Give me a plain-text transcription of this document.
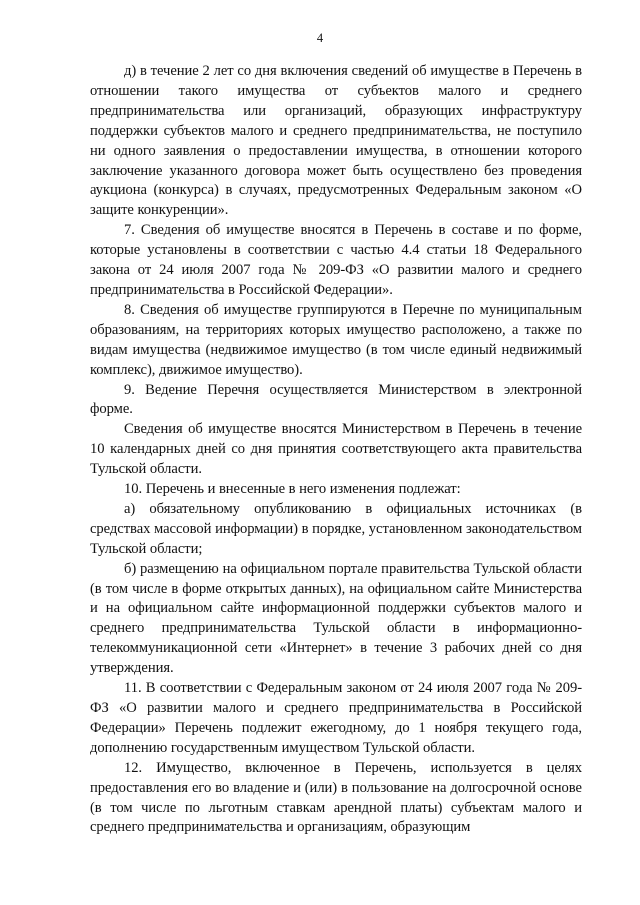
4

д) в течение 2 лет со дня включения сведений об имуществе в Перечень в отношении такого имущества от субъектов малого и среднего предпринимательства или организаций, образующих инфраструктуру поддержки субъектов малого и среднего предпринимательства, не поступило ни одного заявления о предоставлении имущества, в отношении которого заключение указанного договора может быть осуществлено без проведения аукциона (конкурса) в случаях, предусмотренных Федеральным законом «О защите конкуренции».

7. Сведения об имуществе вносятся в Перечень в составе и по форме, которые установлены в соответствии с частью 4.4 статьи 18 Федерального закона от 24 июля 2007 года № 209-ФЗ «О развитии малого и среднего предпринимательства в Российской Федерации».

8. Сведения об имуществе группируются в Перечне по муниципальным образованиям, на территориях которых имущество расположено, а также по видам имущества (недвижимое имущество (в том числе единый недвижимый комплекс), движимое имущество).

9. Ведение Перечня осуществляется Министерством в электронной форме.

Сведения об имуществе вносятся Министерством в Перечень в течение 10 календарных дней со дня принятия соответствующего акта правительства Тульской области.

10. Перечень и внесенные в него изменения подлежат:

а) обязательному опубликованию в официальных источниках (в средствах массовой информации) в порядке, установленном законодательством Тульской области;

б) размещению на официальном портале правительства Тульской области (в том числе в форме открытых данных), на официальном сайте Министерства и на официальном сайте информационной поддержки субъектов малого и среднего предпринимательства Тульской области в информационно-телекоммуникационной сети «Интернет» в течение 3 рабочих дней со дня утверждения.

11. В соответствии с Федеральным законом от 24 июля 2007 года № 209-ФЗ «О развитии малого и среднего предпринимательства в Российской Федерации» Перечень подлежит ежегодному, до 1 ноября текущего года, дополнению государственным имуществом Тульской области.

12. Имущество, включенное в Перечень, используется в целях предоставления его во владение и (или) в пользование на долгосрочной основе (в том числе по льготным ставкам арендной платы) субъектам малого и среднего предпринимательства и организациям, образующим
